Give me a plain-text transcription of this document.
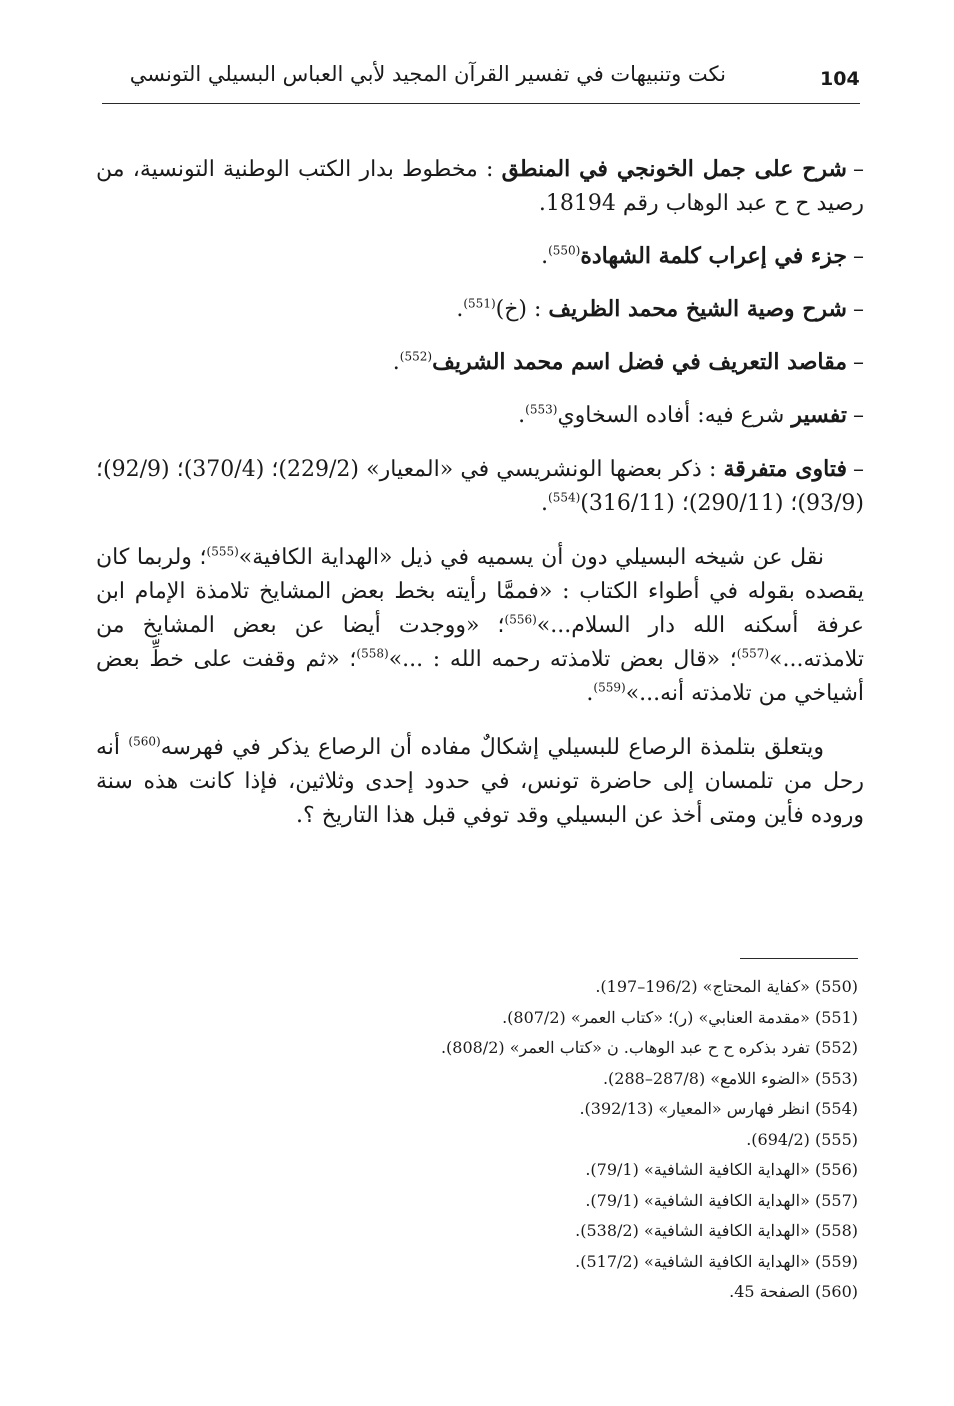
104
نكت وتنبيهات في تفسير القرآن المجيد لأبي العباس البسيلي التونسي

–شرح على جمل الخونجي في المنطق : مخطوط بدار الكتب الوطنية التونسية، من رصيد ح ح عبد الوهاب رقم 18194.

–جزء في إعراب كلمة الشهادة$^{(550)}$.

–شرح وصية الشيخ محمد الظريف : (خ)$^{(551)}$.

–مقاصد التعريف في فضل اسم محمد الشريف$^{(552)}$.

–تفسير شرع فيه: أفاده السخاوي$^{(553)}$.

–فتاوى متفرقة : ذكر بعضها الونشريسي في «المعيار» (229/2)؛ (370/4)؛ (92/9)؛ (93/9)؛ (290/11)؛ $(316/11)^{(554)}$.

نقل عن شيخه البسيلي دون أن يسميه في ذيل «الهداية الكافية»$^{(555)}$؛ ولربما كان يقصده بقوله في أطواء الكتاب : «فممَّا رأيته بخط بعض المشايخ تلامذة الإمام ابن عرفة أسكنه الله دار السلام...»$^{(556)}$؛ «ووجدت أيضا عن بعض المشايخ من تلامذته...»$^{(557)}$؛ «قال بعض تلامذته رحمه الله : ...»$^{(558)}$؛ «ثم وقفت على خطِّ بعض أشياخي من تلامذته أنه...»$^{(559)}$.

ويتعلق بتلمذة الرصاع للبسيلي إشكالٌ مفاده أن الرصاع يذكر في فهرسه$^{(560)}$ أنه رحل من تلمسان إلى حاضرة تونس، في حدود إحدى وثلاثين، فإذا كانت هذه سنة وروده فأين ومتى أخذ عن البسيلي وقد توفي قبل هذا التاريخ ؟.

(550) «كفاية المحتاج» (196/2–197).
(551) «مقدمة العنابي» (ر)؛ «كتاب العمر» (807/2).
(552) تفرد بذكره ح ح عبد الوهاب. ن «كتاب العمر» (808/2).
(553) «الضوء اللامع» (287/8–288).
(554) انظر فهارس «المعيار» (392/13).
(555) (694/2).
(556) «الهداية الكافية الشافية» (79/1).
(557) «الهداية الكافية الشافية» (79/1).
(558) «الهداية الكافية الشافية» (538/2).
(559) «الهداية الكافية الشافية» (517/2).
(560) الصفحة 45.
